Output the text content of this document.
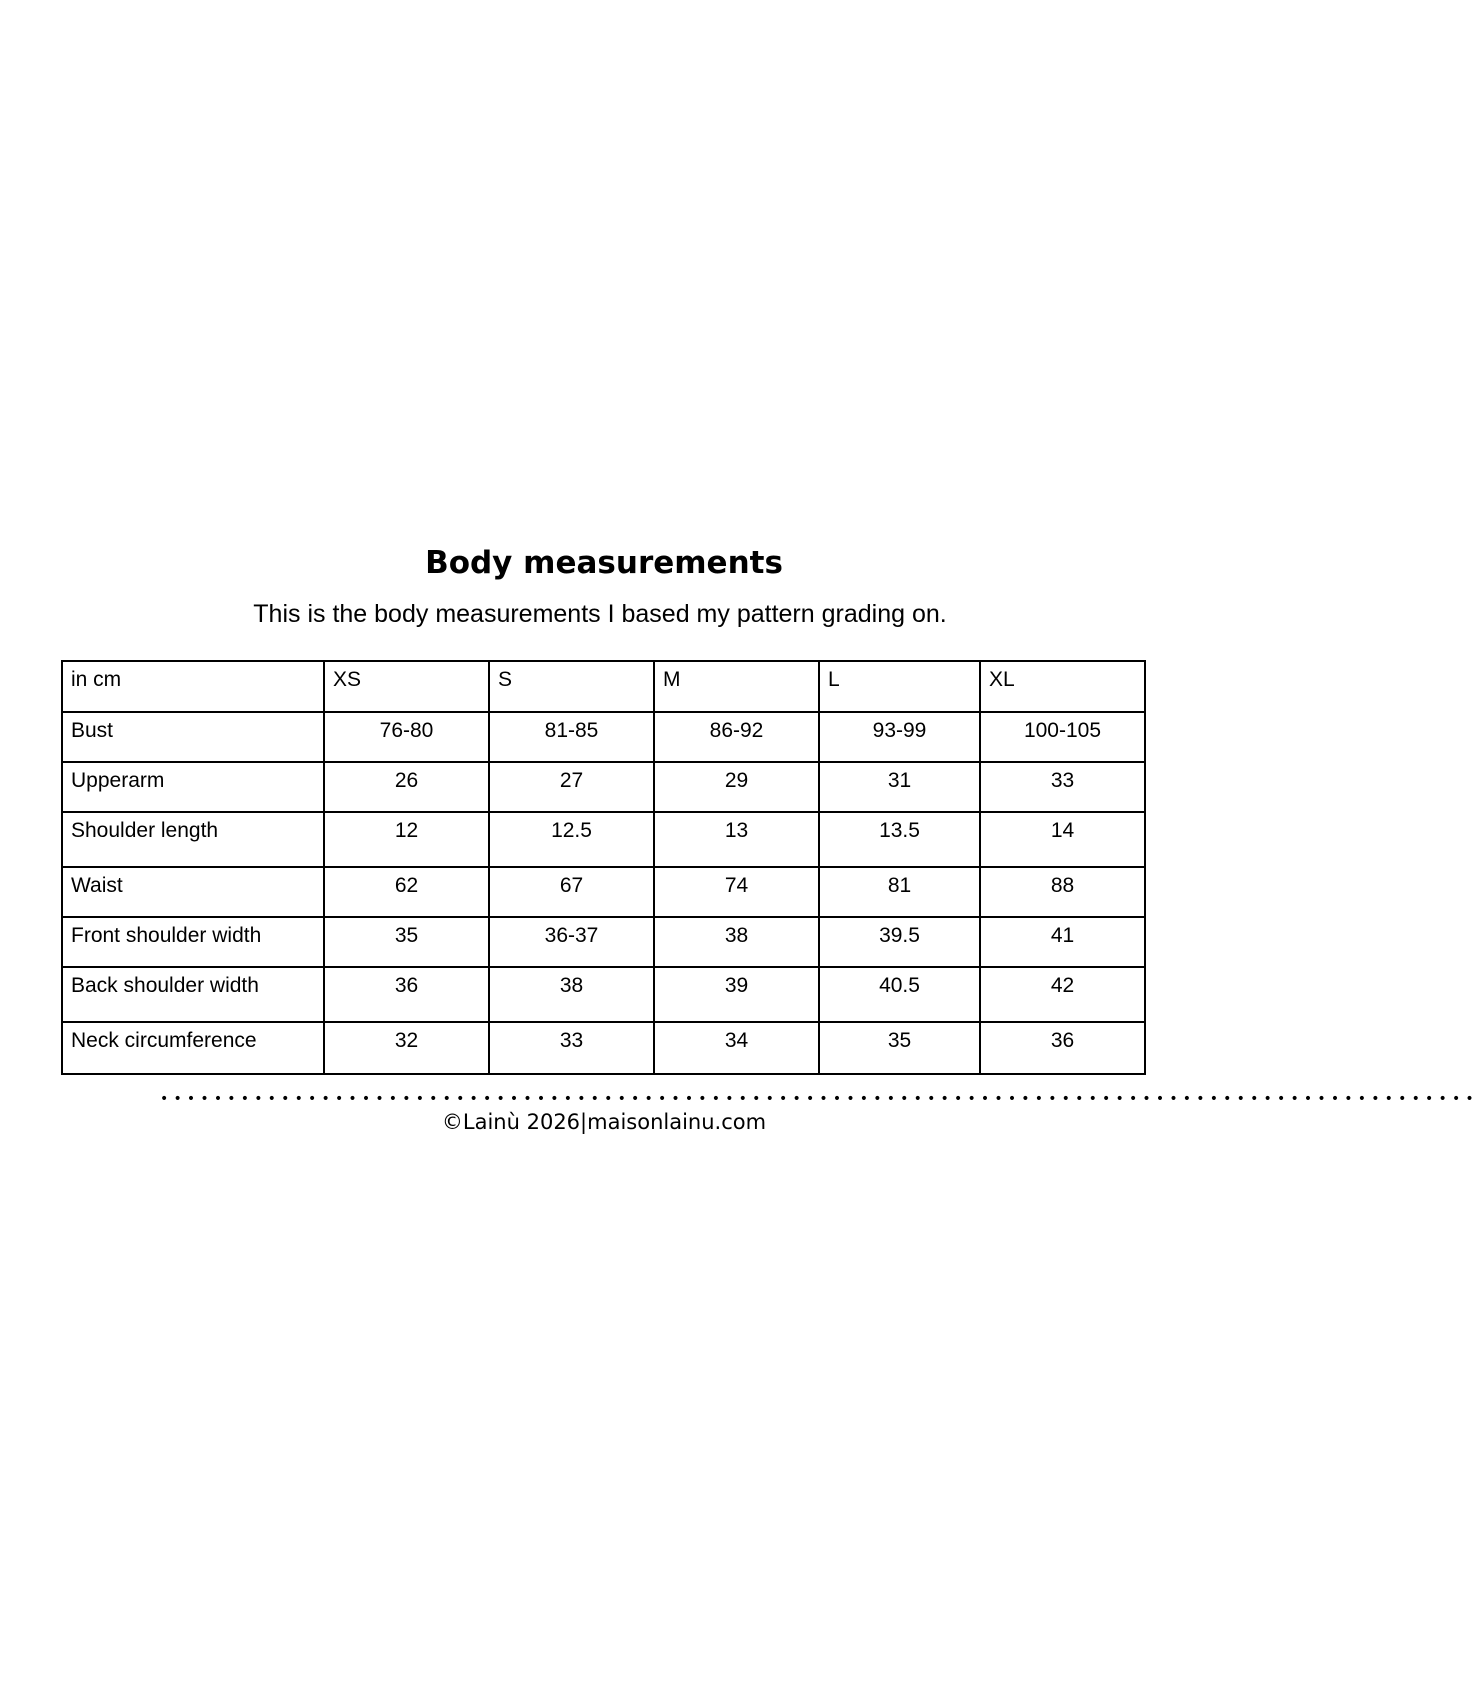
Body measurements

This is the body measurements I based my pattern grading on.

in cm	XS	S	M	L	XL
Bust	76-80	81-85	86-92	93-99	100-105
Upperarm	26	27	29	31	33
Shoulder length	12	12.5	13	13.5	14
Waist	62	67	74	81	88
Front shoulder width	35	36-37	38	39.5	41
Back shoulder width	36	38	39	40.5	42
Neck circumference	32	33	34	35	36
••••••••••••••••••••••••••••••••••••••••••••••••••••••••••••••••••••••••••••••••••••••••••••••••••
©Lainù 2026|maisonlainu.com
